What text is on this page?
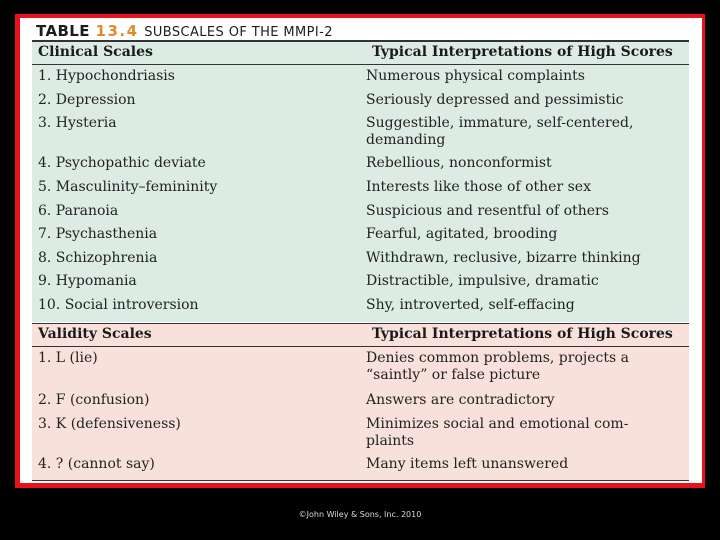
TABLE 13.4 SUBSCALES OF THE MMPI-2
Clinical Scales	Typical Interpretations of High Scores
1. Hypochondriasis	Numerous physical complaints
2. Depression	Seriously depressed and pessimistic
3. Hysteria	Suggestible, immature, self-centered, demanding
4. Psychopathic deviate	Rebellious, nonconformist
5. Masculinity–femininity	Interests like those of other sex
6. Paranoia	Suspicious and resentful of others
7. Psychasthenia	Fearful, agitated, brooding
8. Schizophrenia	Withdrawn, reclusive, bizarre thinking
9. Hypomania	Distractible, impulsive, dramatic
10. Social introversion	Shy, introverted, self-effacing
Validity Scales	Typical Interpretations of High Scores
1. L (lie)	Denies common problems, projects a “saintly” or false picture
2. F (confusion)	Answers are contradictory
3. K (defensiveness)	Minimizes social and emotional com-plaints
4. ? (cannot say)	Many items left unanswered
©John Wiley & Sons, Inc. 2010
